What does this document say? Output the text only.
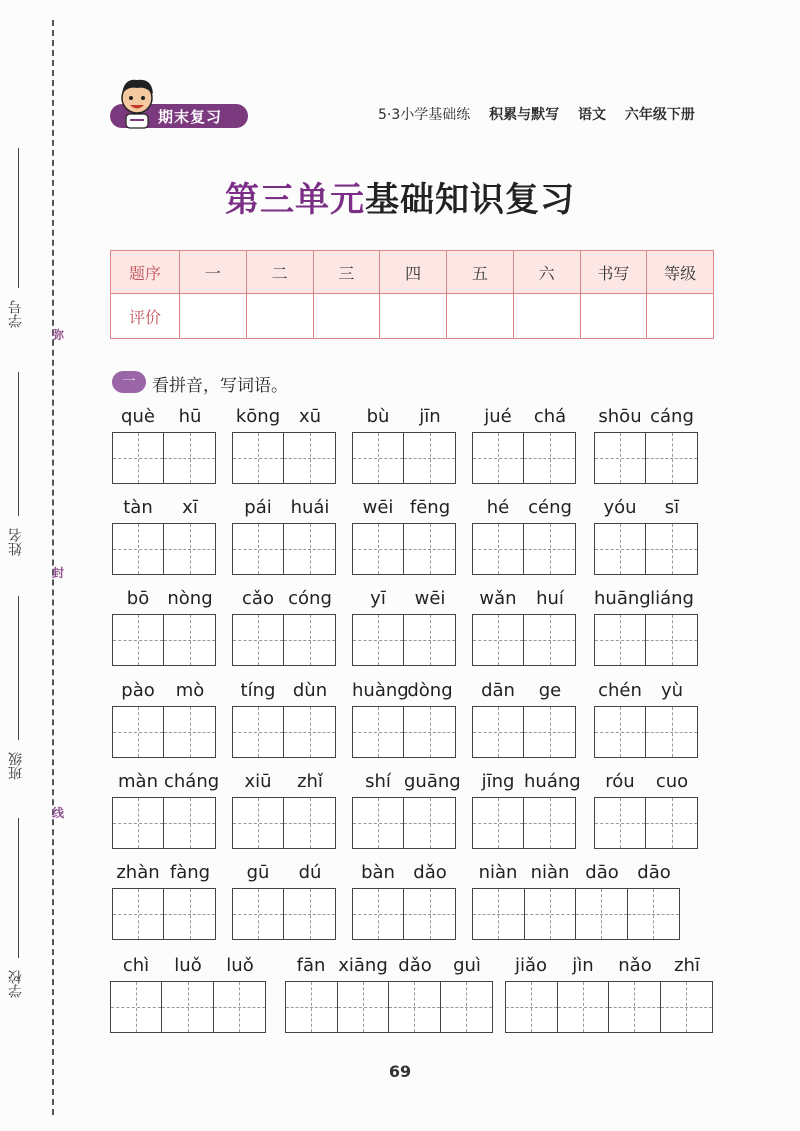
学号
姓名
班级
学校
弥
封
线
期末复习	5·3小学基础练 积累与默写 语文 六年级下册
第三单元基础知识复习
题序	一	二	三	四	五	六	书写	等级
评价								
一 看拼音，写词语。
què	hū	kōng	xū	bù	jīn	jué	chá	shōu cáng
tàn	xī	pái	huái	wēi fēng	hé	céng	yóu	sī
bō	nòng	cǎo cóng	yī	wēi	wǎn	huí	huāng liáng
pào	mò	tíng dùn	huàng
dòng	dān	ge	chén	yù
màn cháng	xiū	zhǐ	shí guāng	jīng huáng	róu	cuo
zhàn fàng	gū	dú	bàn	dǎo	niàn niàn dāo	dāo
chì	luǒ	luǒ	fān xiāng dǎo	guì	jiǎo	jìn	nǎo	zhī
69
